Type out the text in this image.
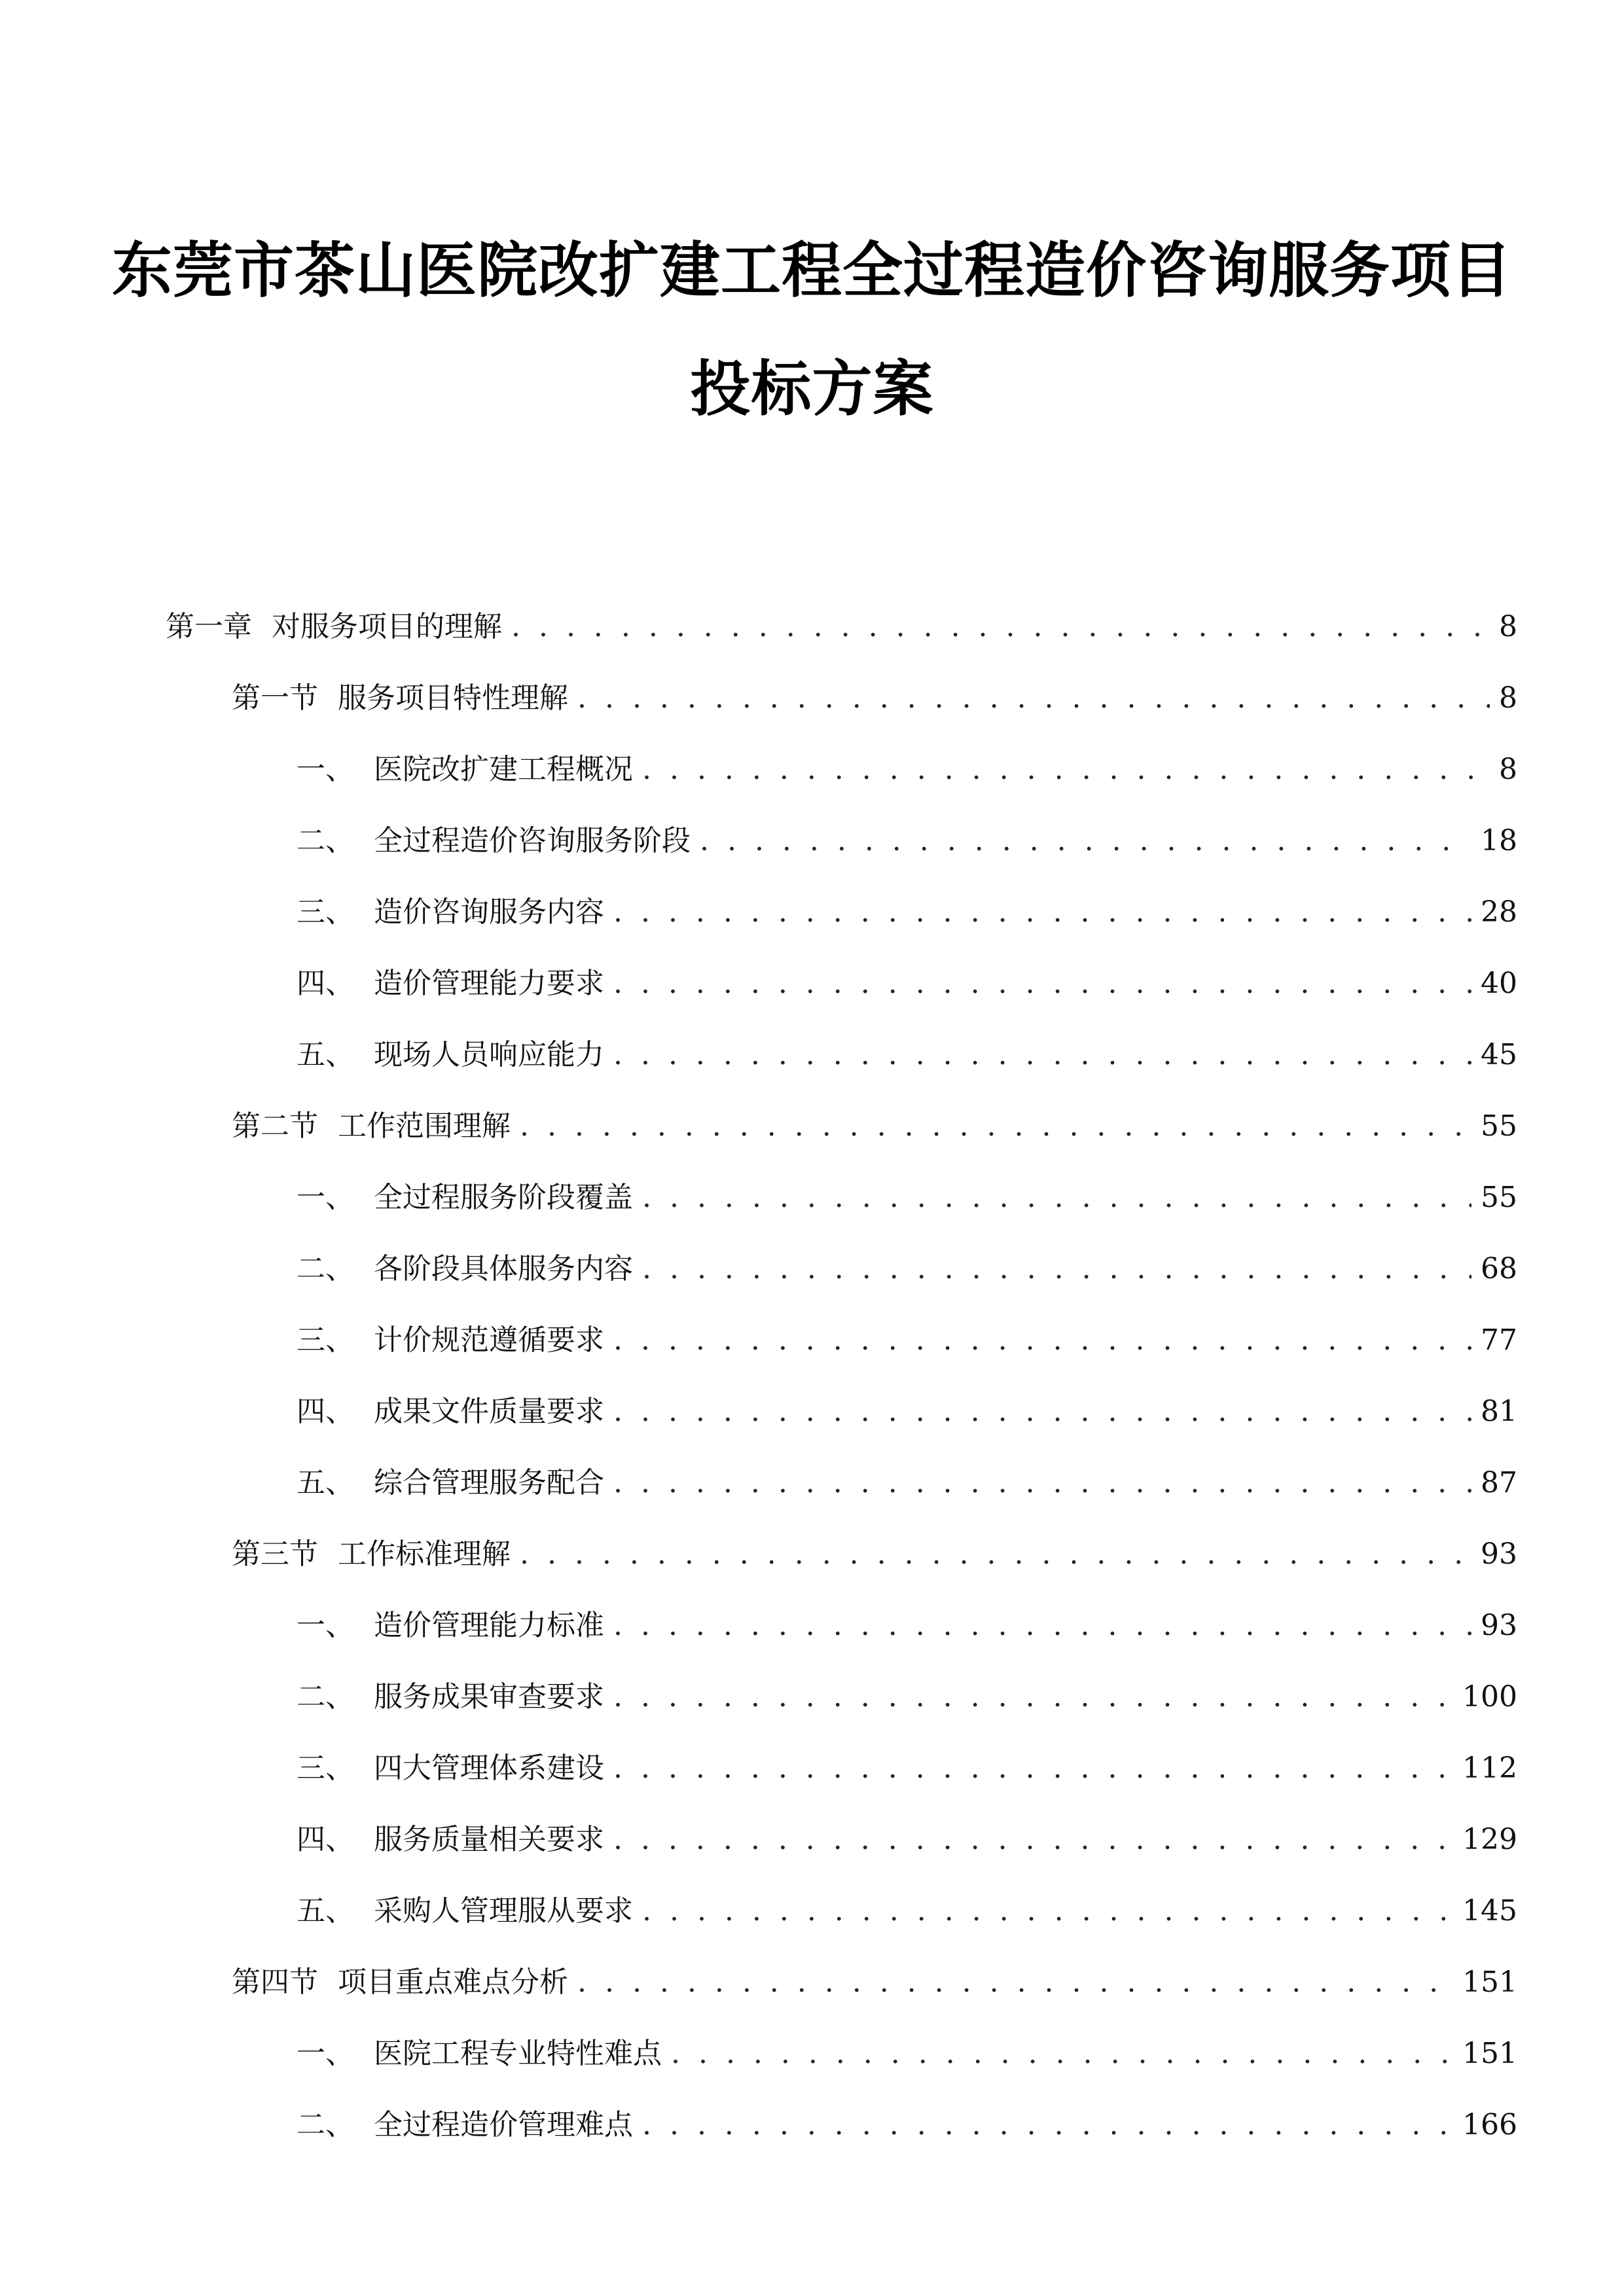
东莞市茶山医院改扩建工程全过程造价咨询服务项目
投标方案
第一章 对服务项目的理解 . . .	8
第一节 服务项目特性理解 . . .	8
一、 医院改扩建工程概况 . . .	8
二、 全过程造价咨询服务阶段 . . .	18
三、 造价咨询服务内容 . . .	28
四、 造价管理能力要求 . . .	40
五、 现场人员响应能力 . . .	45
第二节 工作范围理解 . . .	55
一、 全过程服务阶段覆盖 . . .	55
二、 各阶段具体服务内容 . . .	68
三、 计价规范遵循要求 . . .	77
四、 成果文件质量要求 . . .	81
五、 综合管理服务配合 . . .	87
第三节 工作标准理解 . . .	93
一、 造价管理能力标准 . . .	93
二、 服务成果审查要求 . . .	100
三、 四大管理体系建设 . . .	112
四、 服务质量相关要求 . . .	129
五、 采购人管理服从要求 . . .	145
第四节 项目重点难点分析 . . .	151
一、 医院工程专业特性难点 . . .	151
二、 全过程造价管理难点 . . .	166
